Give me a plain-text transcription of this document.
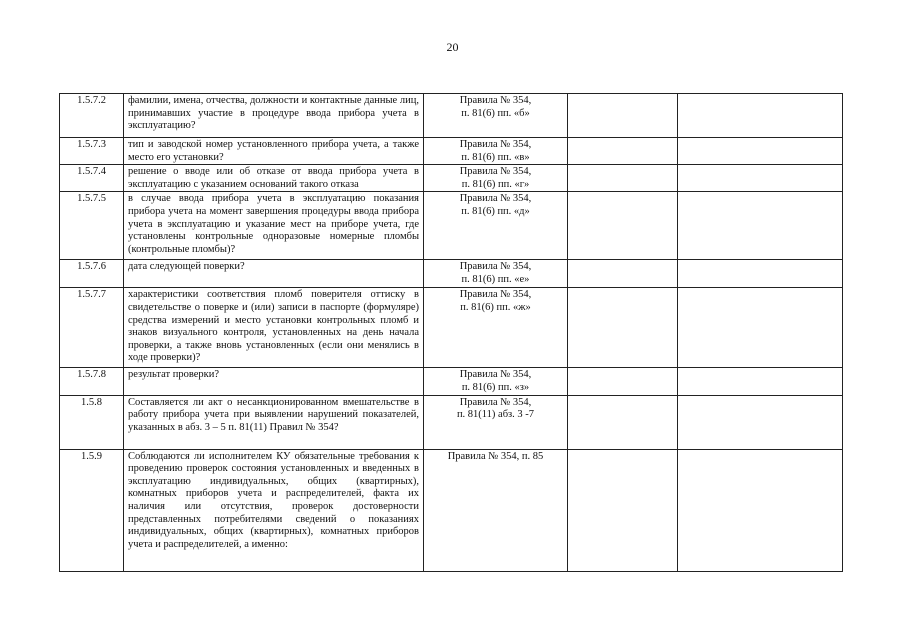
20
1.5.7.2	фамилии, имена, отчества, должности и контактные данные лиц, принимавших участие в процедуре ввода прибора учета в эксплуатацию?	Правила № 354,
п. 81(6) пп. «б»		

1.5.7.3	тип и заводской номер установленного прибора учета, а также место его установки?	Правила № 354,
п. 81(6) пп. «в»		

1.5.7.4	решение о вводе или об отказе от ввода прибора учета в эксплуатацию с указанием оснований такого отказа	Правила № 354,
п. 81(6) пп. «г»		

1.5.7.5	в случае ввода прибора учета в эксплуатацию показания прибора учета на момент завершения процедуры ввода прибора учета в эксплуатацию и указание мест на приборе учета, где установлены контрольные одноразовые номерные пломбы (контрольные пломбы)?	Правила № 354,
п. 81(6) пп. «д»		

1.5.7.6	дата следующей поверки?	Правила № 354,
п. 81(6) пп. «е»		

1.5.7.7	характеристики соответствия пломб поверителя оттиску в свидетельстве о поверке и (или) записи в паспорте (формуляре) средства измерений и место установки контрольных пломб и знаков визуального контроля, установленных на день начала проверки, а также вновь установленных (если они менялись в ходе проверки)?	Правила № 354,
п. 81(6) пп. «ж»		

1.5.7.8	результат проверки?	Правила № 354,
п. 81(6) пп. «з»		

1.5.8	Составляется ли акт о несанкционированном вмешательстве в работу прибора учета при выявлении нарушений показателей, указанных в абз. 3 – 5 п. 81(11) Правил № 354?	Правила № 354,
п. 81(11) абз. 3 -7		

1.5.9	Соблюдаются ли исполнителем КУ обязательные требования к проведению проверок состояния установленных и введенных в эксплуатацию индивидуальных, общих (квартирных), комнатных приборов учета и распределителей, факта их наличия или отсутствия, проверок достоверности представленных потребителями сведений о показаниях индивидуальных, общих (квартирных), комнатных приборов учета и распределителей, а именно:	Правила № 354, п. 85		
